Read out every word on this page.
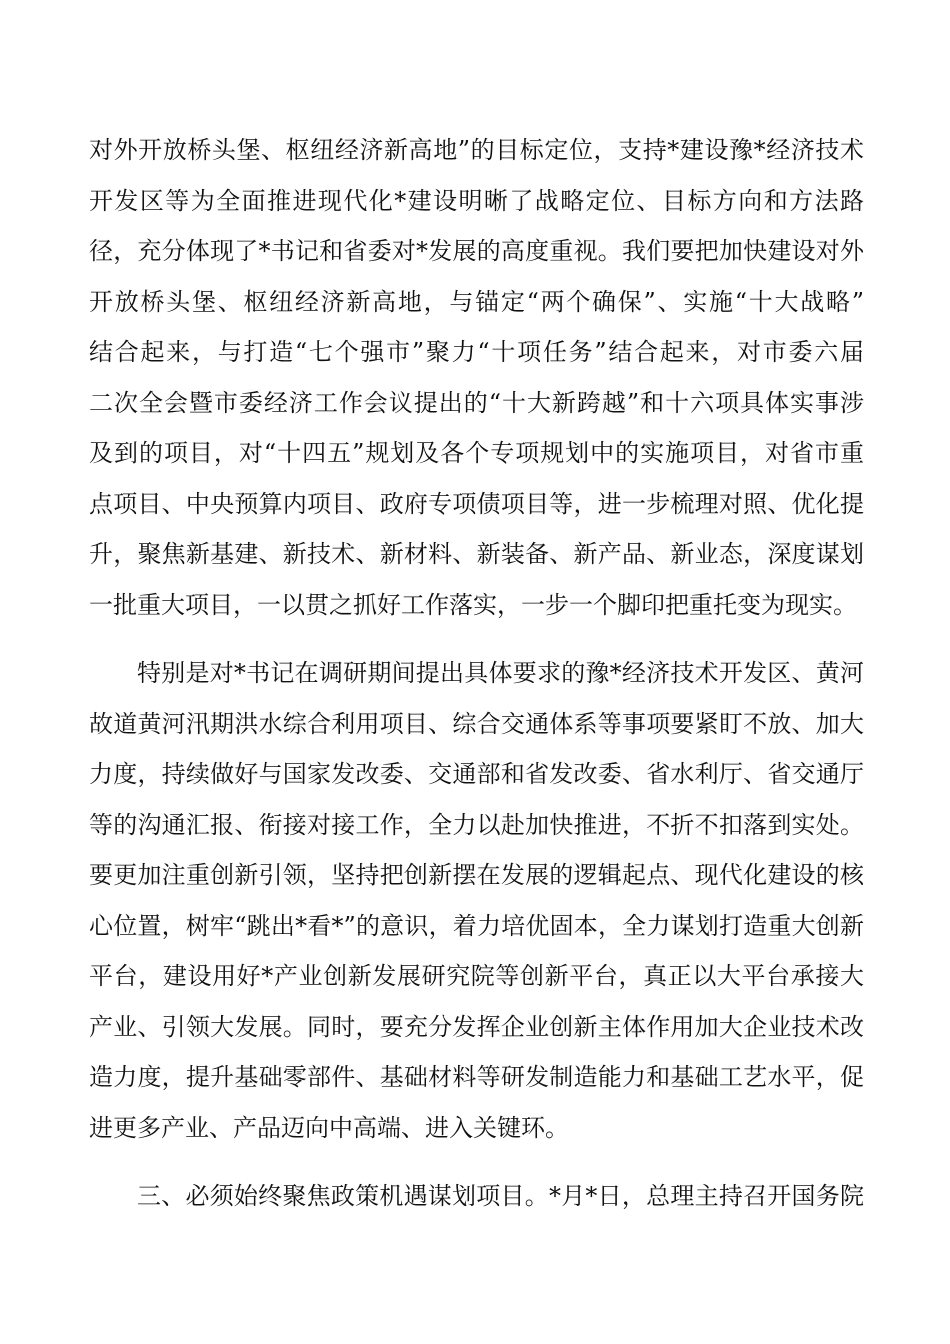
对外开放桥头堡、枢纽经济新高地”的目标定位，支持*建设豫*经济技术
开发区等为全面推进现代化*建设明晰了战略定位、目标方向和方法路
径，充分体现了*书记和省委对*发展的高度重视。我们要把加快建设对外
开放桥头堡、枢纽经济新高地，与锚定“两个确保”、实施“十大战略”
结合起来，与打造“七个强市”聚力“十项任务”结合起来，对市委六届
二次全会暨市委经济工作会议提出的“十大新跨越”和十六项具体实事涉
及到的项目，对“十四五”规划及各个专项规划中的实施项目，对省市重
点项目、中央预算内项目、政府专项债项目等，进一步梳理对照、优化提
升，聚焦新基建、新技术、新材料、新装备、新产品、新业态，深度谋划
一批重大项目，一以贯之抓好工作落实，一步一个脚印把重托变为现实。
特别是对*书记在调研期间提出具体要求的豫*经济技术开发区、黄河
故道黄河汛期洪水综合利用项目、综合交通体系等事项要紧盯不放、加大
力度，持续做好与国家发改委、交通部和省发改委、省水利厅、省交通厅
等的沟通汇报、衔接对接工作，全力以赴加快推进，不折不扣落到实处。
要更加注重创新引领，坚持把创新摆在发展的逻辑起点、现代化建设的核
心位置，树牢“跳出*看*”的意识，着力培优固本，全力谋划打造重大创新
平台，建设用好*产业创新发展研究院等创新平台，真正以大平台承接大
产业、引领大发展。同时，要充分发挥企业创新主体作用加大企业技术改
造力度，提升基础零部件、基础材料等研发制造能力和基础工艺水平，促
进更多产业、产品迈向中高端、进入关键环。
三、必须始终聚焦政策机遇谋划项目。*月*日，总理主持召开国务院
